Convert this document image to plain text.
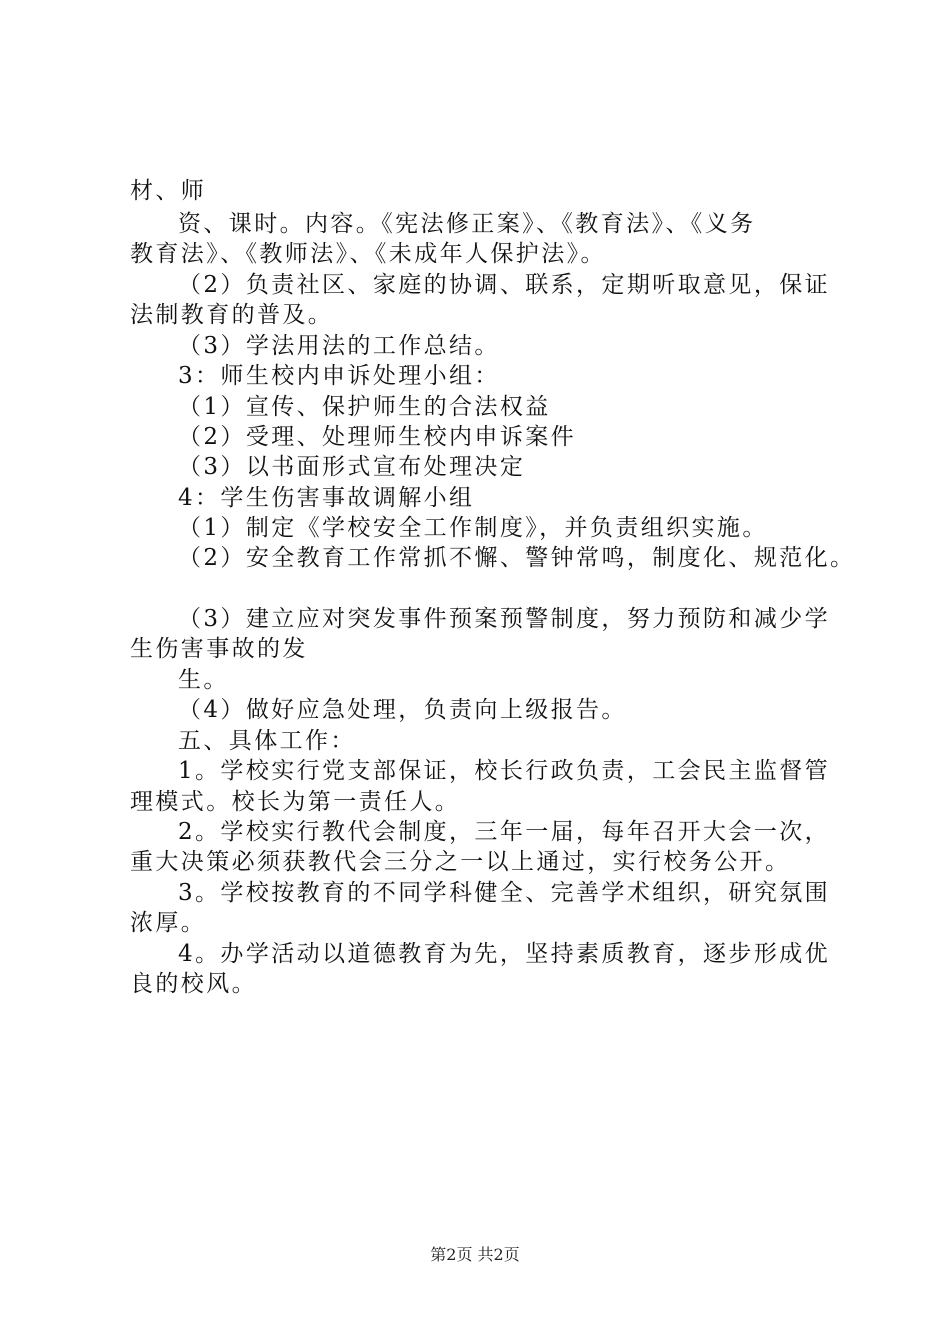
材、师
资、课时。内容。《宪法修正案》、《教育法》、《义务
教育法》、《教师法》、《未成年人保护法》。
（2）负责社区、家庭的协调、联系，定期听取意见，保证
法制教育的普及。
（3）学法用法的工作总结。
3：师生校内申诉处理小组：
（1）宣传、保护师生的合法权益
（2）受理、处理师生校内申诉案件
（3）以书面形式宣布处理决定
4：学生伤害事故调解小组
（1）制定《学校安全工作制度》，并负责组织实施。
（2）安全教育工作常抓不懈、警钟常鸣，制度化、规范化。
（3）建立应对突发事件预案预警制度，努力预防和减少学
生伤害事故的发
生。
（4）做好应急处理，负责向上级报告。
五、具体工作：
1。学校实行党支部保证，校长行政负责，工会民主监督管
理模式。校长为第一责任人。
2。学校实行教代会制度，三年一届，每年召开大会一次，
重大决策必须获教代会三分之一以上通过，实行校务公开。
3。学校按教育的不同学科健全、完善学术组织，研究氛围
浓厚。
4。办学活动以道德教育为先，坚持素质教育，逐步形成优
良的校风。
第2页 共2页
